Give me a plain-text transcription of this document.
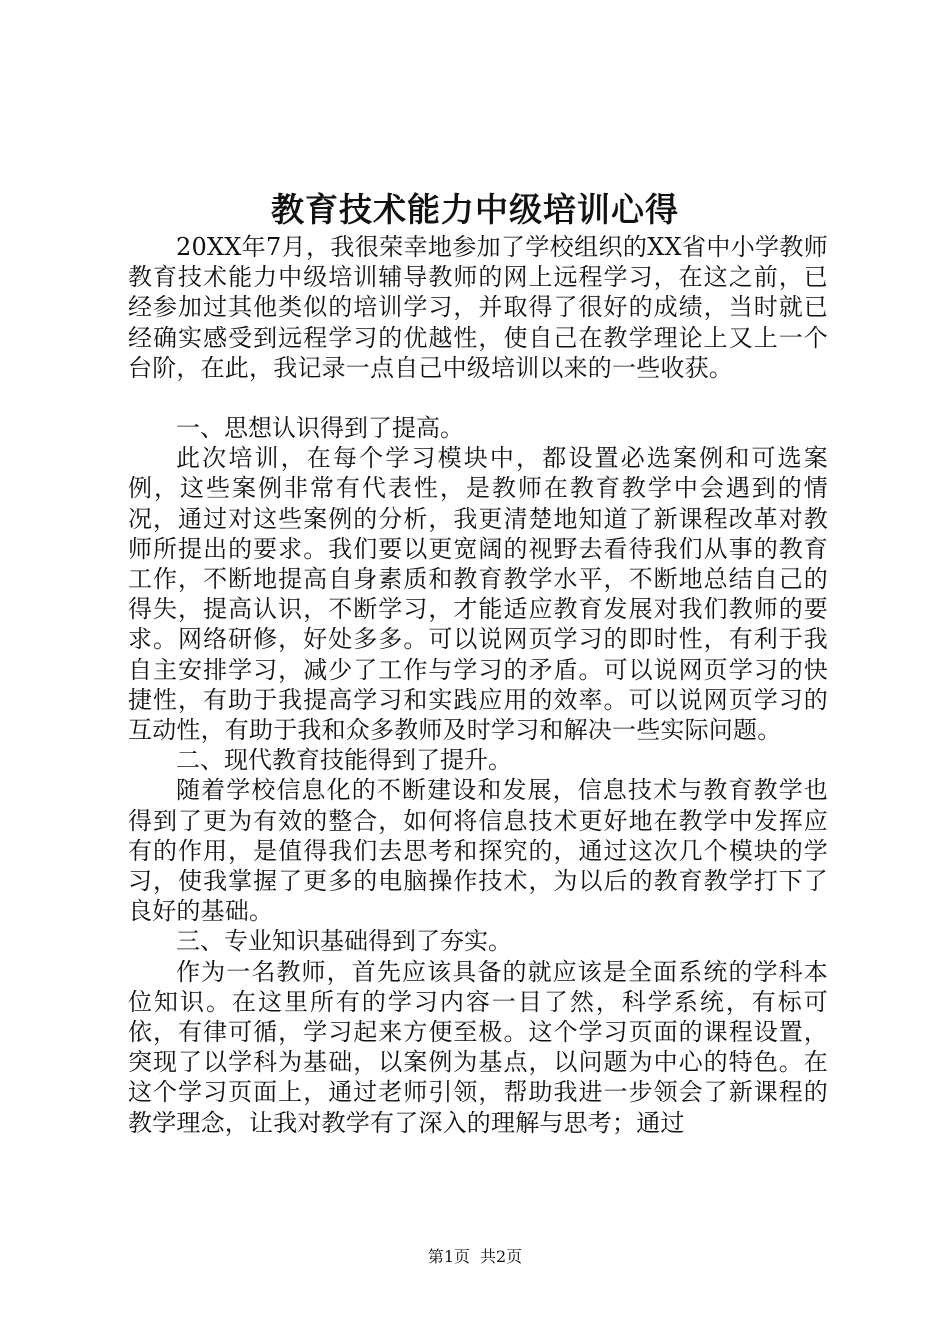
教育技术能力中级培训心得

20XX年7月，我很荣幸地参加了学校组织的XX省中小学教师教育技术能力中级培训辅导教师的网上远程学习，在这之前，已经参加过其他类似的培训学习，并取得了很好的成绩，当时就已经确实感受到远程学习的优越性，使自己在教学理论上又上一个台阶，在此，我记录一点自己中级培训以来的一些收获。

一、思想认识得到了提高。

此次培训，在每个学习模块中，都设置必选案例和可选案例，这些案例非常有代表性，是教师在教育教学中会遇到的情况，通过对这些案例的分析，我更清楚地知道了新课程改革对教师所提出的要求。我们要以更宽阔的视野去看待我们从事的教育工作，不断地提高自身素质和教育教学水平，不断地总结自己的得失，提高认识，不断学习，才能适应教育发展对我们教师的要求。网络研修，好处多多。可以说网页学习的即时性，有利于我自主安排学习，减少了工作与学习的矛盾。可以说网页学习的快捷性，有助于我提高学习和实践应用的效率。可以说网页学习的互动性，有助于我和众多教师及时学习和解决一些实际问题。

二、现代教育技能得到了提升。

随着学校信息化的不断建设和发展，信息技术与教育教学也得到了更为有效的整合，如何将信息技术更好地在教学中发挥应有的作用，是值得我们去思考和探究的，通过这次几个模块的学习，使我掌握了更多的电脑操作技术，为以后的教育教学打下了良好的基础。

三、专业知识基础得到了夯实。

作为一名教师，首先应该具备的就应该是全面系统的学科本位知识。在这里所有的学习内容一目了然，科学系统，有标可依，有律可循，学习起来方便至极。这个学习页面的课程设置，突现了以学科为基础，以案例为基点，以问题为中心的特色。在这个学习页面上，通过老师引领，帮助我进一步领会了新课程的教学理念，让我对教学有了深入的理解与思考；通过

第1页 共2页
